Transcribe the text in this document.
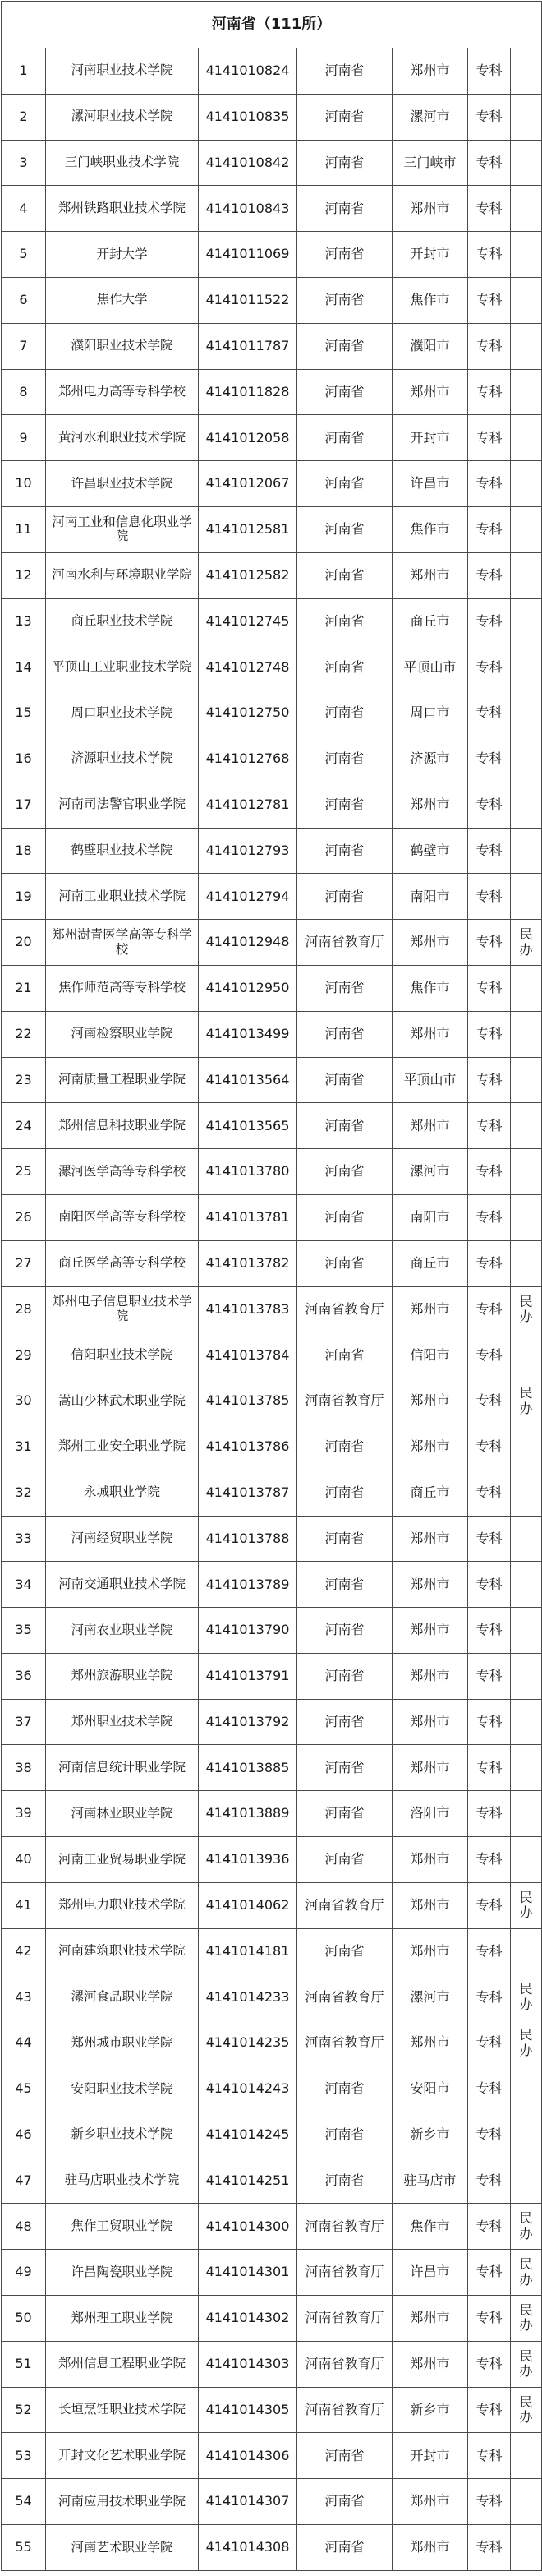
河南省（111所）						
1	河南职业技术学院	4141010824	河南省	郑州市	专科	
2	漯河职业技术学院	4141010835	河南省	漯河市	专科	
3	三门峡职业技术学院	4141010842	河南省	三门峡市	专科	
4	郑州铁路职业技术学院	4141010843	河南省	郑州市	专科	
5	开封大学	4141011069	河南省	开封市	专科	
6	焦作大学	4141011522	河南省	焦作市	专科	
7	濮阳职业技术学院	4141011787	河南省	濮阳市	专科	
8	郑州电力高等专科学校	4141011828	河南省	郑州市	专科	
9	黄河水利职业技术学院	4141012058	河南省	开封市	专科	
10	许昌职业技术学院	4141012067	河南省	许昌市	专科	
11	河南工业和信息化职业学院	4141012581	河南省	焦作市	专科	
12	河南水利与环境职业学院	4141012582	河南省	郑州市	专科	
13	商丘职业技术学院	4141012745	河南省	商丘市	专科	
14	平顶山工业职业技术学院	4141012748	河南省	平顶山市	专科	
15	周口职业技术学院	4141012750	河南省	周口市	专科	
16	济源职业技术学院	4141012768	河南省	济源市	专科	
17	河南司法警官职业学院	4141012781	河南省	郑州市	专科	
18	鹤壁职业技术学院	4141012793	河南省	鹤壁市	专科	
19	河南工业职业技术学院	4141012794	河南省	南阳市	专科	
20	郑州澍青医学高等专科学校	4141012948	河南省教育厅	郑州市	专科	民办
21	焦作师范高等专科学校	4141012950	河南省	焦作市	专科	
22	河南检察职业学院	4141013499	河南省	郑州市	专科	
23	河南质量工程职业学院	4141013564	河南省	平顶山市	专科	
24	郑州信息科技职业学院	4141013565	河南省	郑州市	专科	
25	漯河医学高等专科学校	4141013780	河南省	漯河市	专科	
26	南阳医学高等专科学校	4141013781	河南省	南阳市	专科	
27	商丘医学高等专科学校	4141013782	河南省	商丘市	专科	
28	郑州电子信息职业技术学院	4141013783	河南省教育厅	郑州市	专科	民办
29	信阳职业技术学院	4141013784	河南省	信阳市	专科	
30	嵩山少林武术职业学院	4141013785	河南省教育厅	郑州市	专科	民办
31	郑州工业安全职业学院	4141013786	河南省	郑州市	专科	
32	永城职业学院	4141013787	河南省	商丘市	专科	
33	河南经贸职业学院	4141013788	河南省	郑州市	专科	
34	河南交通职业技术学院	4141013789	河南省	郑州市	专科	
35	河南农业职业学院	4141013790	河南省	郑州市	专科	
36	郑州旅游职业学院	4141013791	河南省	郑州市	专科	
37	郑州职业技术学院	4141013792	河南省	郑州市	专科	
38	河南信息统计职业学院	4141013885	河南省	郑州市	专科	
39	河南林业职业学院	4141013889	河南省	洛阳市	专科	
40	河南工业贸易职业学院	4141013936	河南省	郑州市	专科	
41	郑州电力职业技术学院	4141014062	河南省教育厅	郑州市	专科	民办
42	河南建筑职业技术学院	4141014181	河南省	郑州市	专科	
43	漯河食品职业学院	4141014233	河南省教育厅	漯河市	专科	民办
44	郑州城市职业学院	4141014235	河南省教育厅	郑州市	专科	民办
45	安阳职业技术学院	4141014243	河南省	安阳市	专科	
46	新乡职业技术学院	4141014245	河南省	新乡市	专科	
47	驻马店职业技术学院	4141014251	河南省	驻马店市	专科	
48	焦作工贸职业学院	4141014300	河南省教育厅	焦作市	专科	民办
49	许昌陶瓷职业学院	4141014301	河南省教育厅	许昌市	专科	民办
50	郑州理工职业学院	4141014302	河南省教育厅	郑州市	专科	民办
51	郑州信息工程职业学院	4141014303	河南省教育厅	郑州市	专科	民办
52	长垣烹饪职业技术学院	4141014305	河南省教育厅	新乡市	专科	民办
53	开封文化艺术职业学院	4141014306	河南省	开封市	专科	
54	河南应用技术职业学院	4141014307	河南省	郑州市	专科	
55	河南艺术职业学院	4141014308	河南省	郑州市	专科	
